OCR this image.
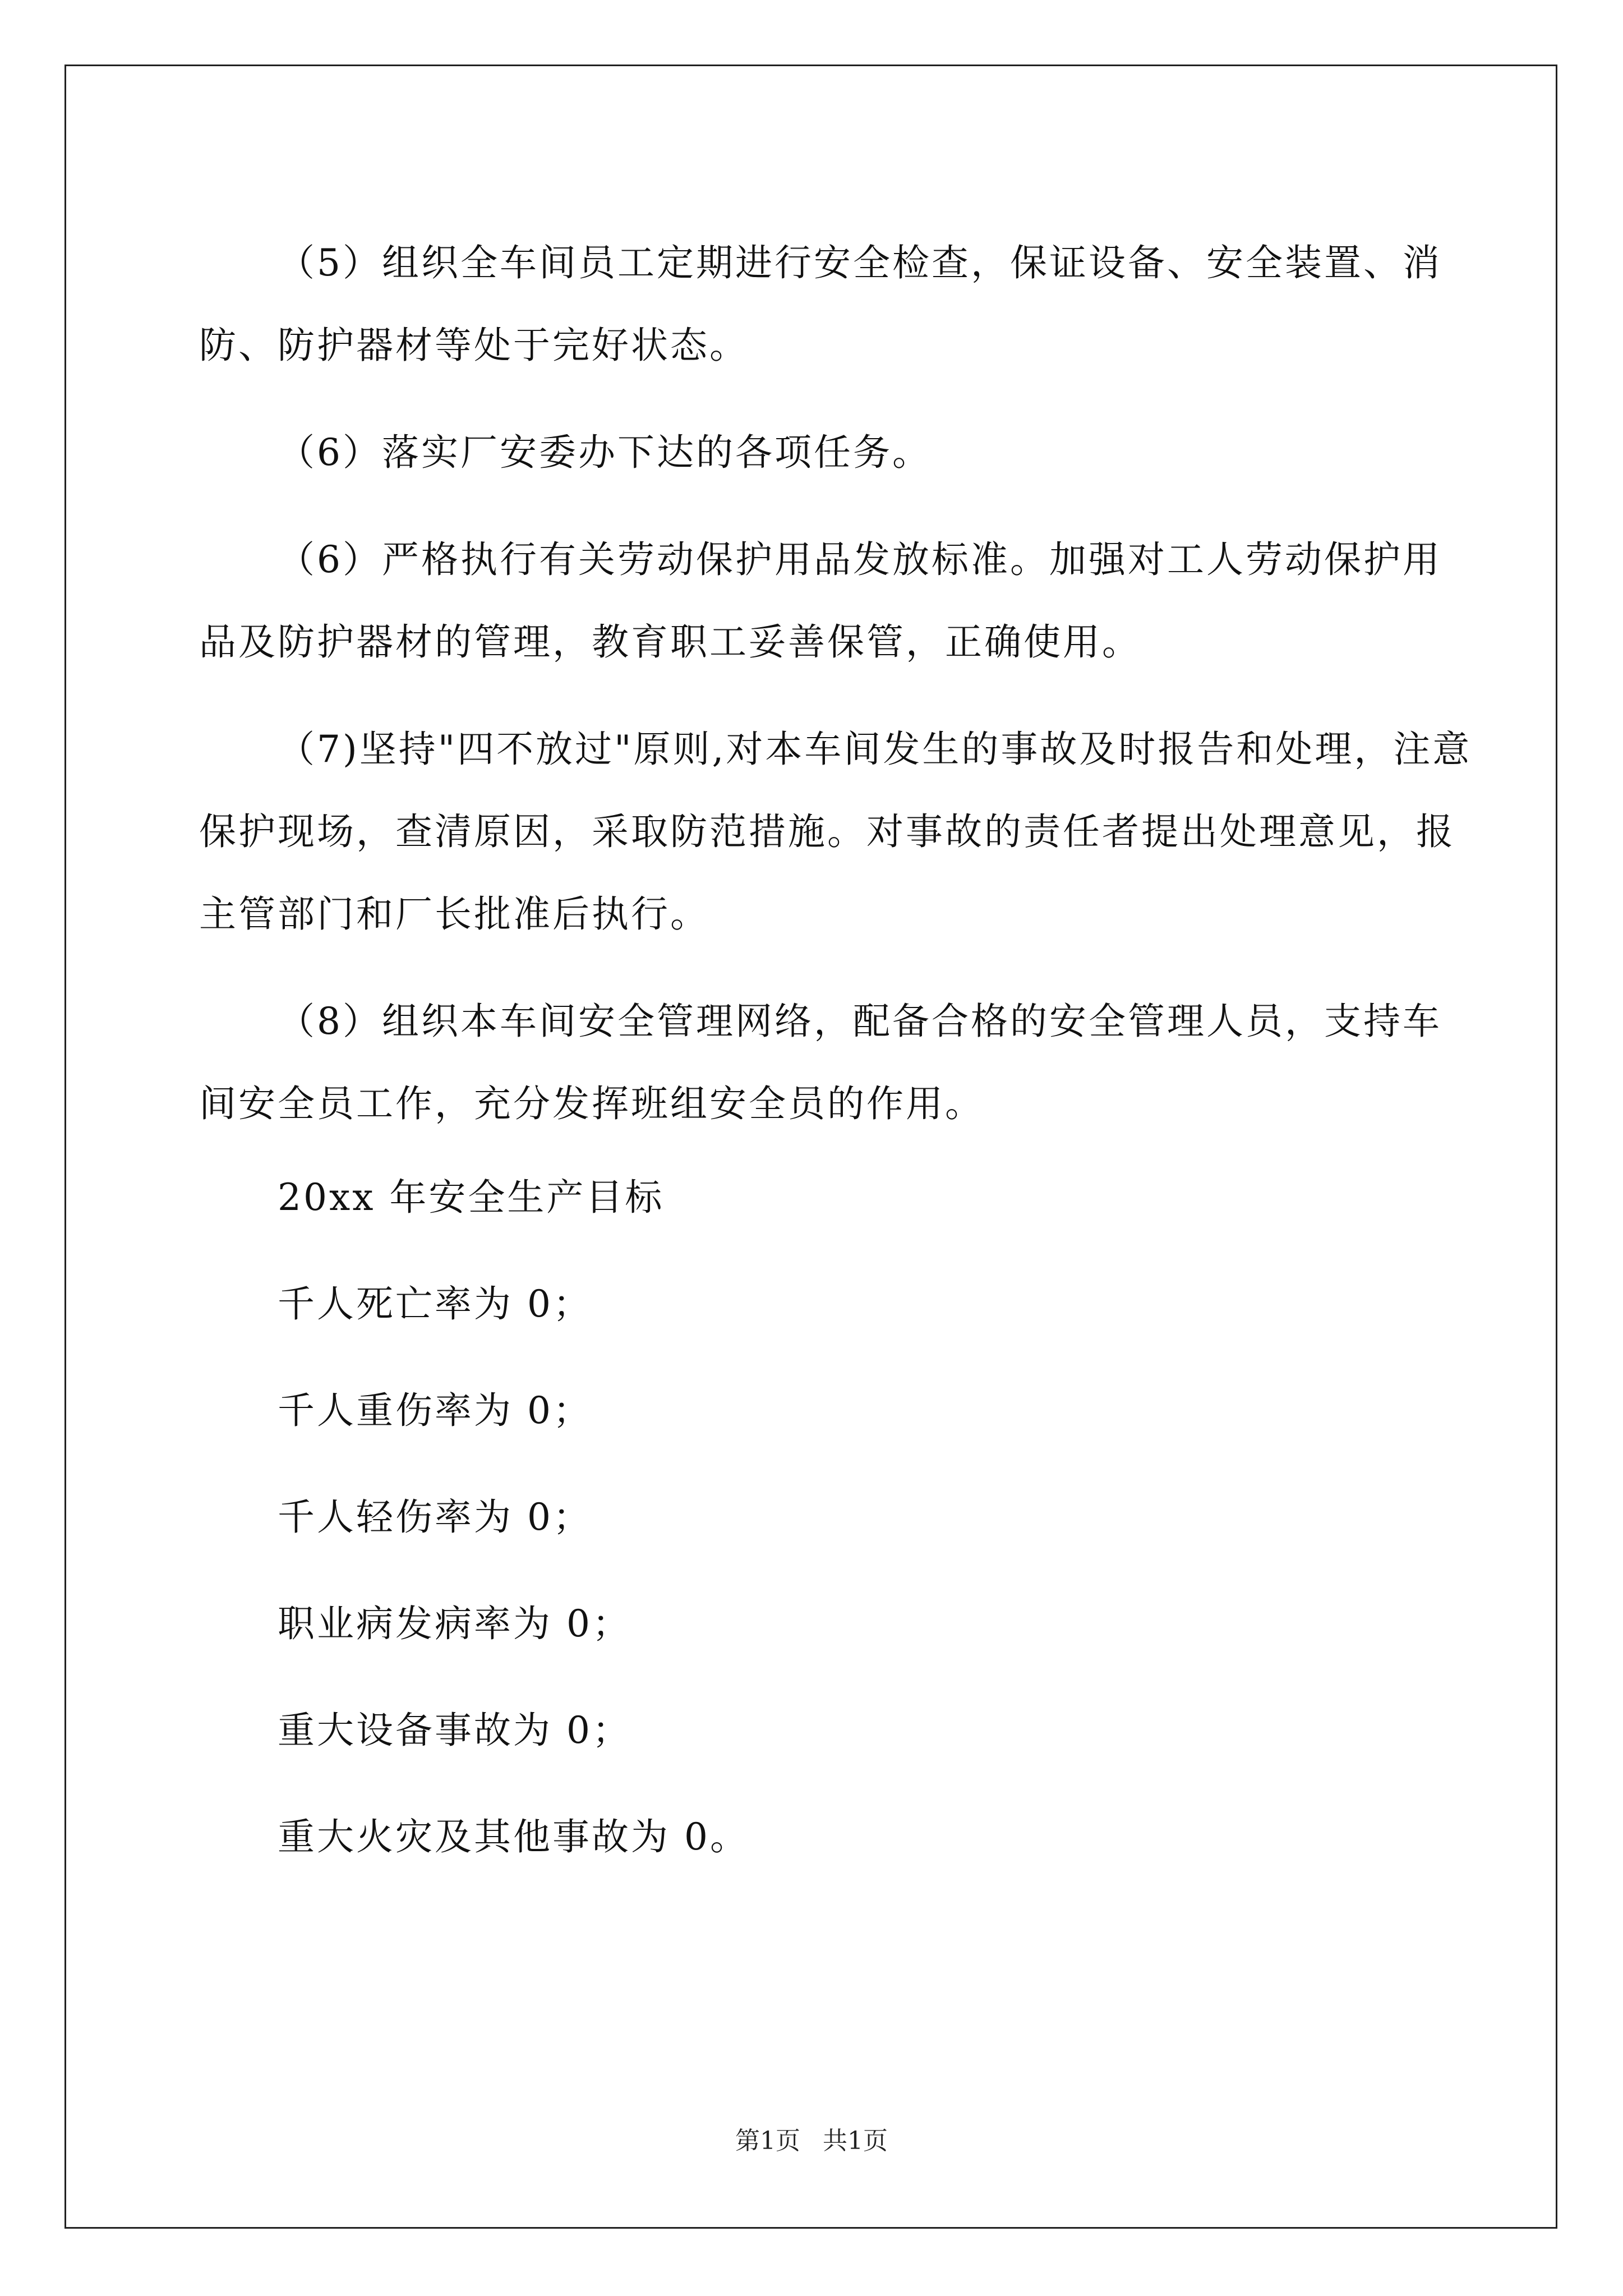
（5）组织全车间员工定期进行安全检查，保证设备、安全装置、消防、防护器材等处于完好状态。

（6）落实厂安委办下达的各项任务。

（6）严格执行有关劳动保护用品发放标准。加强对工人劳动保护用品及防护器材的管理，教育职工妥善保管，正确使用。

（7)坚持"四不放过"原则,对本车间发生的事故及时报告和处理，注意保护现场，查清原因，采取防范措施。对事故的责任者提出处理意见，报主管部门和厂长批准后执行。

（8）组织本车间安全管理网络，配备合格的安全管理人员，支持车间安全员工作，充分发挥班组安全员的作用。

20xx 年安全生产目标

千人死亡率为 0；

千人重伤率为 0；

千人轻伤率为 0；

职业病发病率为 0；

重大设备事故为 0；

重大火灾及其他事故为 0。

第1页 共1页
